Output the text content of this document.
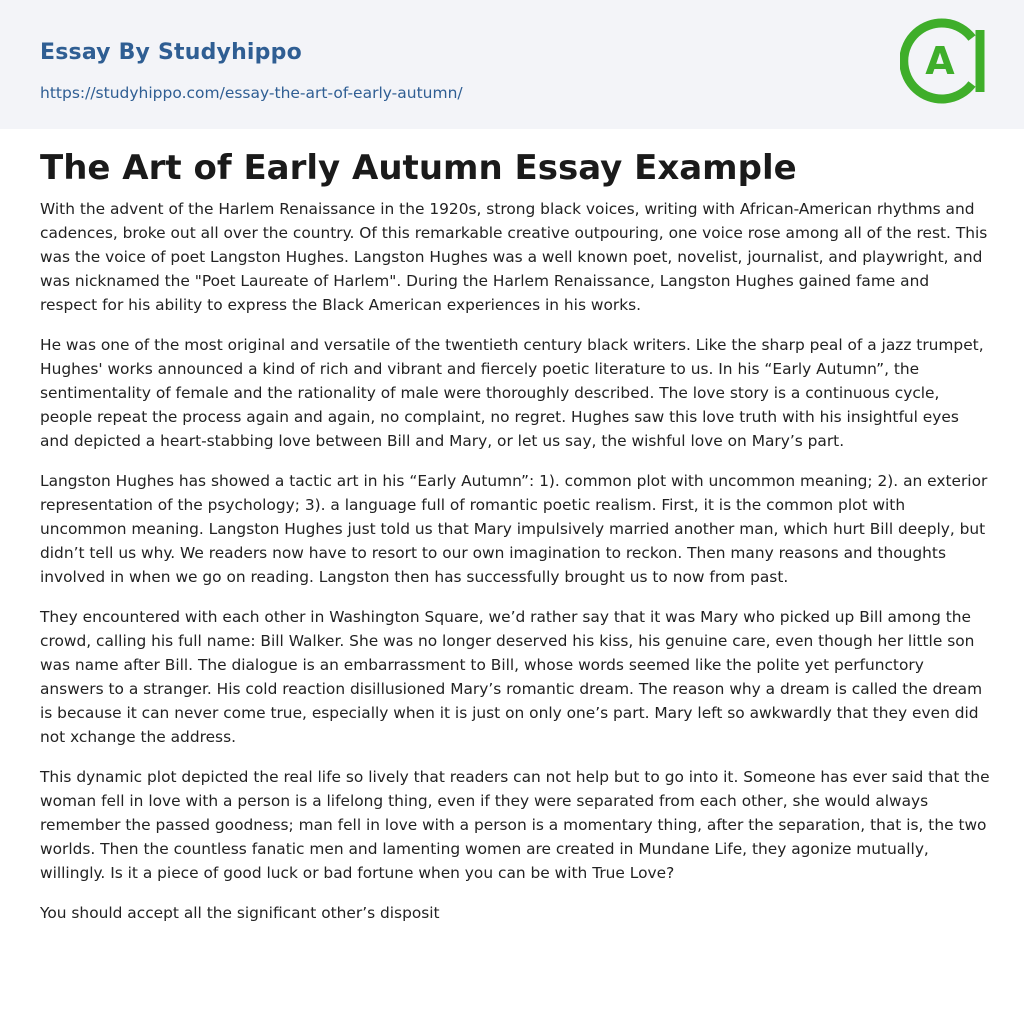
Essay By Studyhippo
https://studyhippo.com/essay-the-art-of-early-autumn/
A
The Art of Early Autumn Essay Example

With the advent of the Harlem Renaissance in the 1920s, strong black voices, writing with African-American rhythms and cadences, broke out all over the country. Of this remarkable creative outpouring, one voice rose among all of the rest. This was the voice of poet Langston Hughes. Langston Hughes was a well known poet, novelist, journalist, and playwright, and was nicknamed the "Poet Laureate of Harlem". During the Harlem Renaissance, Langston Hughes gained fame and respect for his ability to express the Black American experiences in his works.

He was one of the most original and versatile of the twentieth century black writers. Like the sharp peal of a jazz trumpet, Hughes' works announced a kind of rich and vibrant and fiercely poetic literature to us. In his “Early Autumn”, the sentimentality of female and the rationality of male were thoroughly described. The love story is a continuous cycle, people repeat the process again and again, no complaint, no regret. Hughes saw this love truth with his insightful eyes and depicted a heart-stabbing love between Bill and Mary, or let us say, the wishful love on Mary’s part.

Langston Hughes has showed a tactic art in his “Early Autumn”: 1). common plot with uncommon meaning; 2). an exterior representation of the psychology; 3). a language full of romantic poetic realism. First, it is the common plot with uncommon meaning. Langston Hughes just told us that Mary impulsively married another man, which hurt Bill deeply, but didn’t tell us why. We readers now have to resort to our own imagination to reckon. Then many reasons and thoughts involved in when we go on reading. Langston then has successfully brought us to now from past.

They encountered with each other in Washington Square, we’d rather say that it was Mary who picked up Bill among the crowd, calling his full name: Bill Walker. She was no longer deserved his kiss, his genuine care, even though her little son was name after Bill. The dialogue is an embarrassment to Bill, whose words seemed like the polite yet perfunctory answers to a stranger. His cold reaction disillusioned Mary’s romantic dream. The reason why a dream is called the dream is because it can never come true, especially when it is just on only one’s part. Mary left so awkwardly that they even did not xchange the address.

This dynamic plot depicted the real life so lively that readers can not help but to go into it. Someone has ever said that the woman fell in love with a person is a lifelong thing, even if they were separated from each other, she would always remember the passed goodness; man fell in love with a person is a momentary thing, after the separation, that is, the two worlds. Then the countless fanatic men and lamenting women are created in Mundane Life, they agonize mutually, willingly. Is it a piece of good luck or bad fortune when you can be with True Love?

You should accept all the significant other’s disposit
